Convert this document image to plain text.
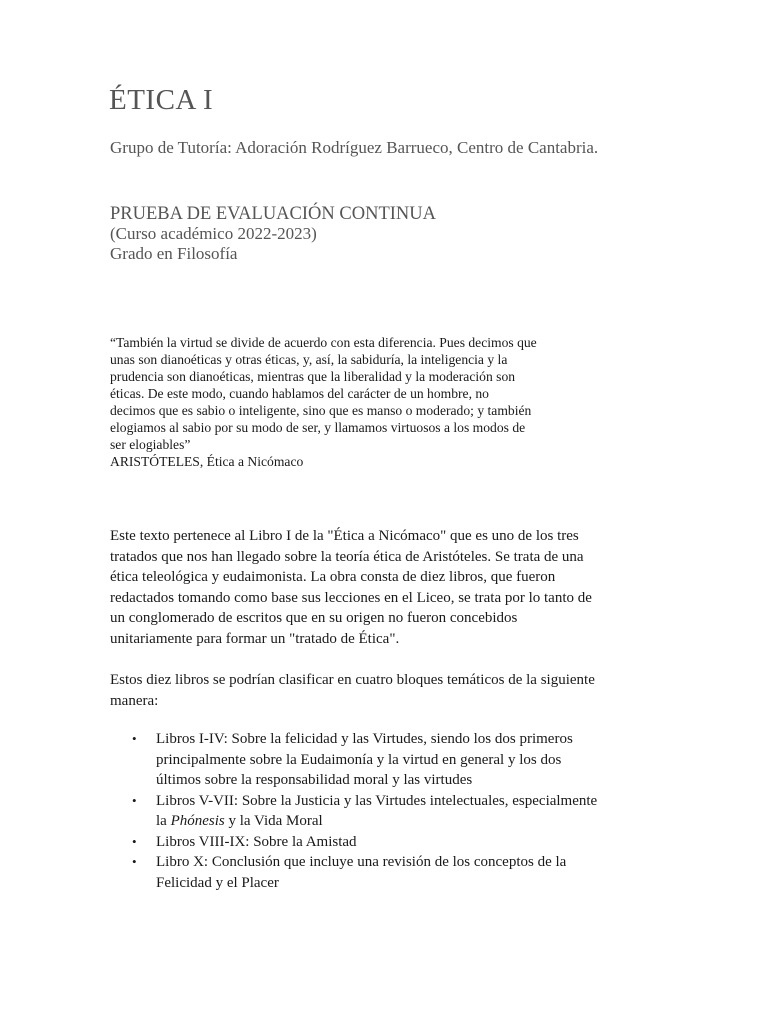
ÉTICA I

Grupo de Tutoría: Adoración Rodríguez Barrueco, Centro de Cantabria.

PRUEBA DE EVALUACIÓN CONTINUA
(Curso académico 2022-2023)
Grado en Filosofía
“También la virtud se divide de acuerdo con esta diferencia. Pues decimos que
unas son dianoéticas y otras éticas, y, así, la sabiduría, la inteligencia y la
prudencia son dianoéticas, mientras que la liberalidad y la moderación son
éticas. De este modo, cuando hablamos del carácter de un hombre, no
decimos que es sabio o inteligente, sino que es manso o moderado; y también
elogiamos al sabio por su modo de ser, y llamamos virtuosos a los modos de
ser elogiables”
ARISTÓTELES, Ética a Nicómaco

Este texto pertenece al Libro I de la "Ética a Nicómaco" que es uno de los tres
tratados que nos han llegado sobre la teoría ética de Aristóteles. Se trata de una
ética teleológica y eudaimonista. La obra consta de diez libros, que fueron
redactados tomando como base sus lecciones en el Liceo, se trata por lo tanto de
un conglomerado de escritos que en su origen no fueron concebidos
unitariamente para formar un "tratado de Ética".

Estos diez libros se podrían clasificar en cuatro bloques temáticos de la siguiente
manera:

• Libros I-IV: Sobre la felicidad y las Virtudes, siendo los dos primeros
principalmente sobre la Eudaimonía y la virtud en general y los dos
últimos sobre la responsabilidad moral y las virtudes
• Libros V-VII: Sobre la Justicia y las Virtudes intelectuales, especialmente
la Phónesis y la Vida Moral
• Libros VIII-IX: Sobre la Amistad
• Libro X: Conclusión que incluye una revisión de los conceptos de la
Felicidad y el Placer
